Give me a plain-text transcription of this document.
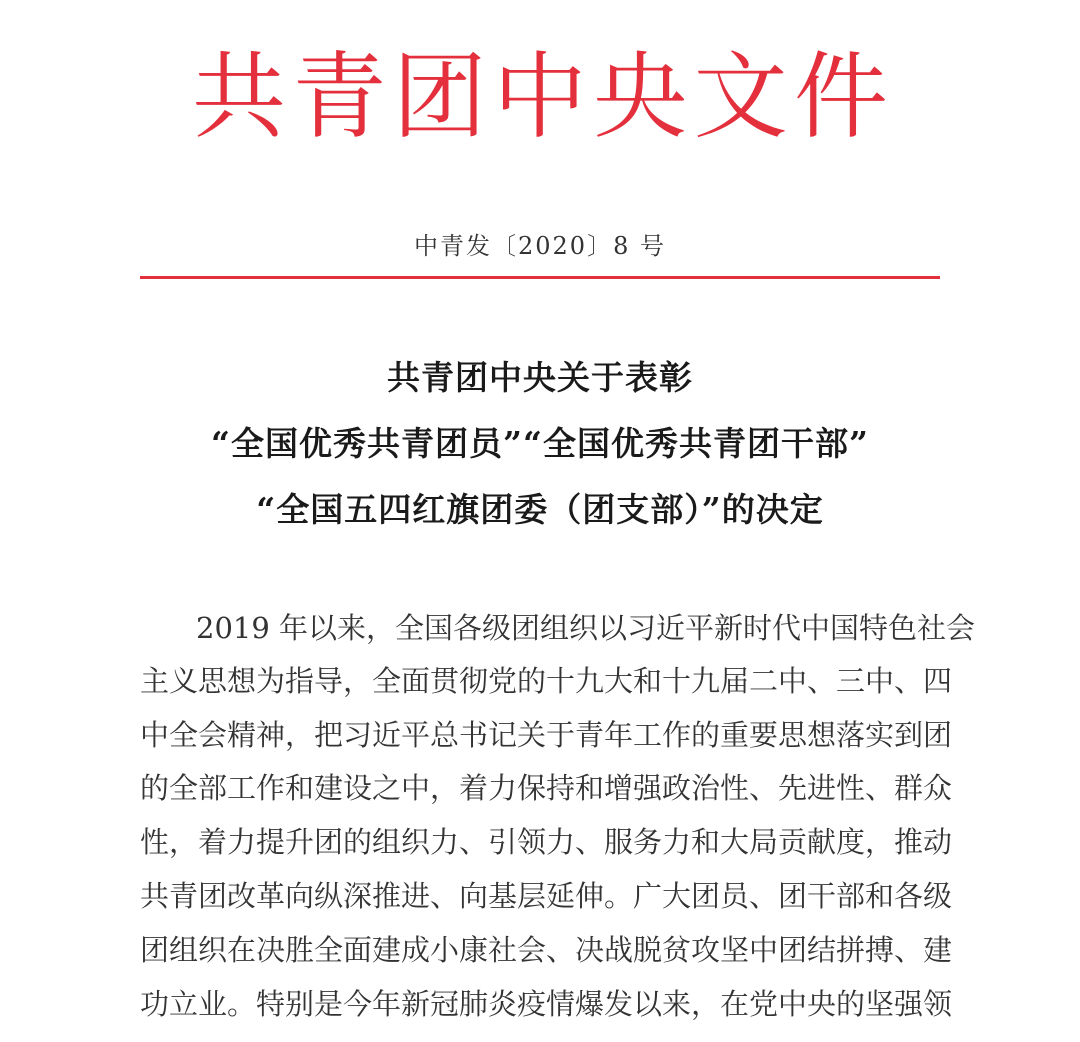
共 青 团 中 央 文 件
中青发〔2020〕8 号
共青团中央关于表彰
“全国优秀共青团员”“全国优秀共青团干部”
“全国五四红旗团委（团支部）”的决定
2019 年以来，全国各级团组织以习近平新时代中国特色社会
主义思想为指导，全面贯彻党的十九大和十九届二中、三中、四
中全会精神，把习近平总书记关于青年工作的重要思想落实到团
的全部工作和建设之中，着力保持和增强政治性、先进性、群众
性，着力提升团的组织力、引领力、服务力和大局贡献度，推动
共青团改革向纵深推进、向基层延伸。广大团员、团干部和各级
团组织在决胜全面建成小康社会、决战脱贫攻坚中团结拼搏、建
功立业。特别是今年新冠肺炎疫情爆发以来，在党中央的坚强领
